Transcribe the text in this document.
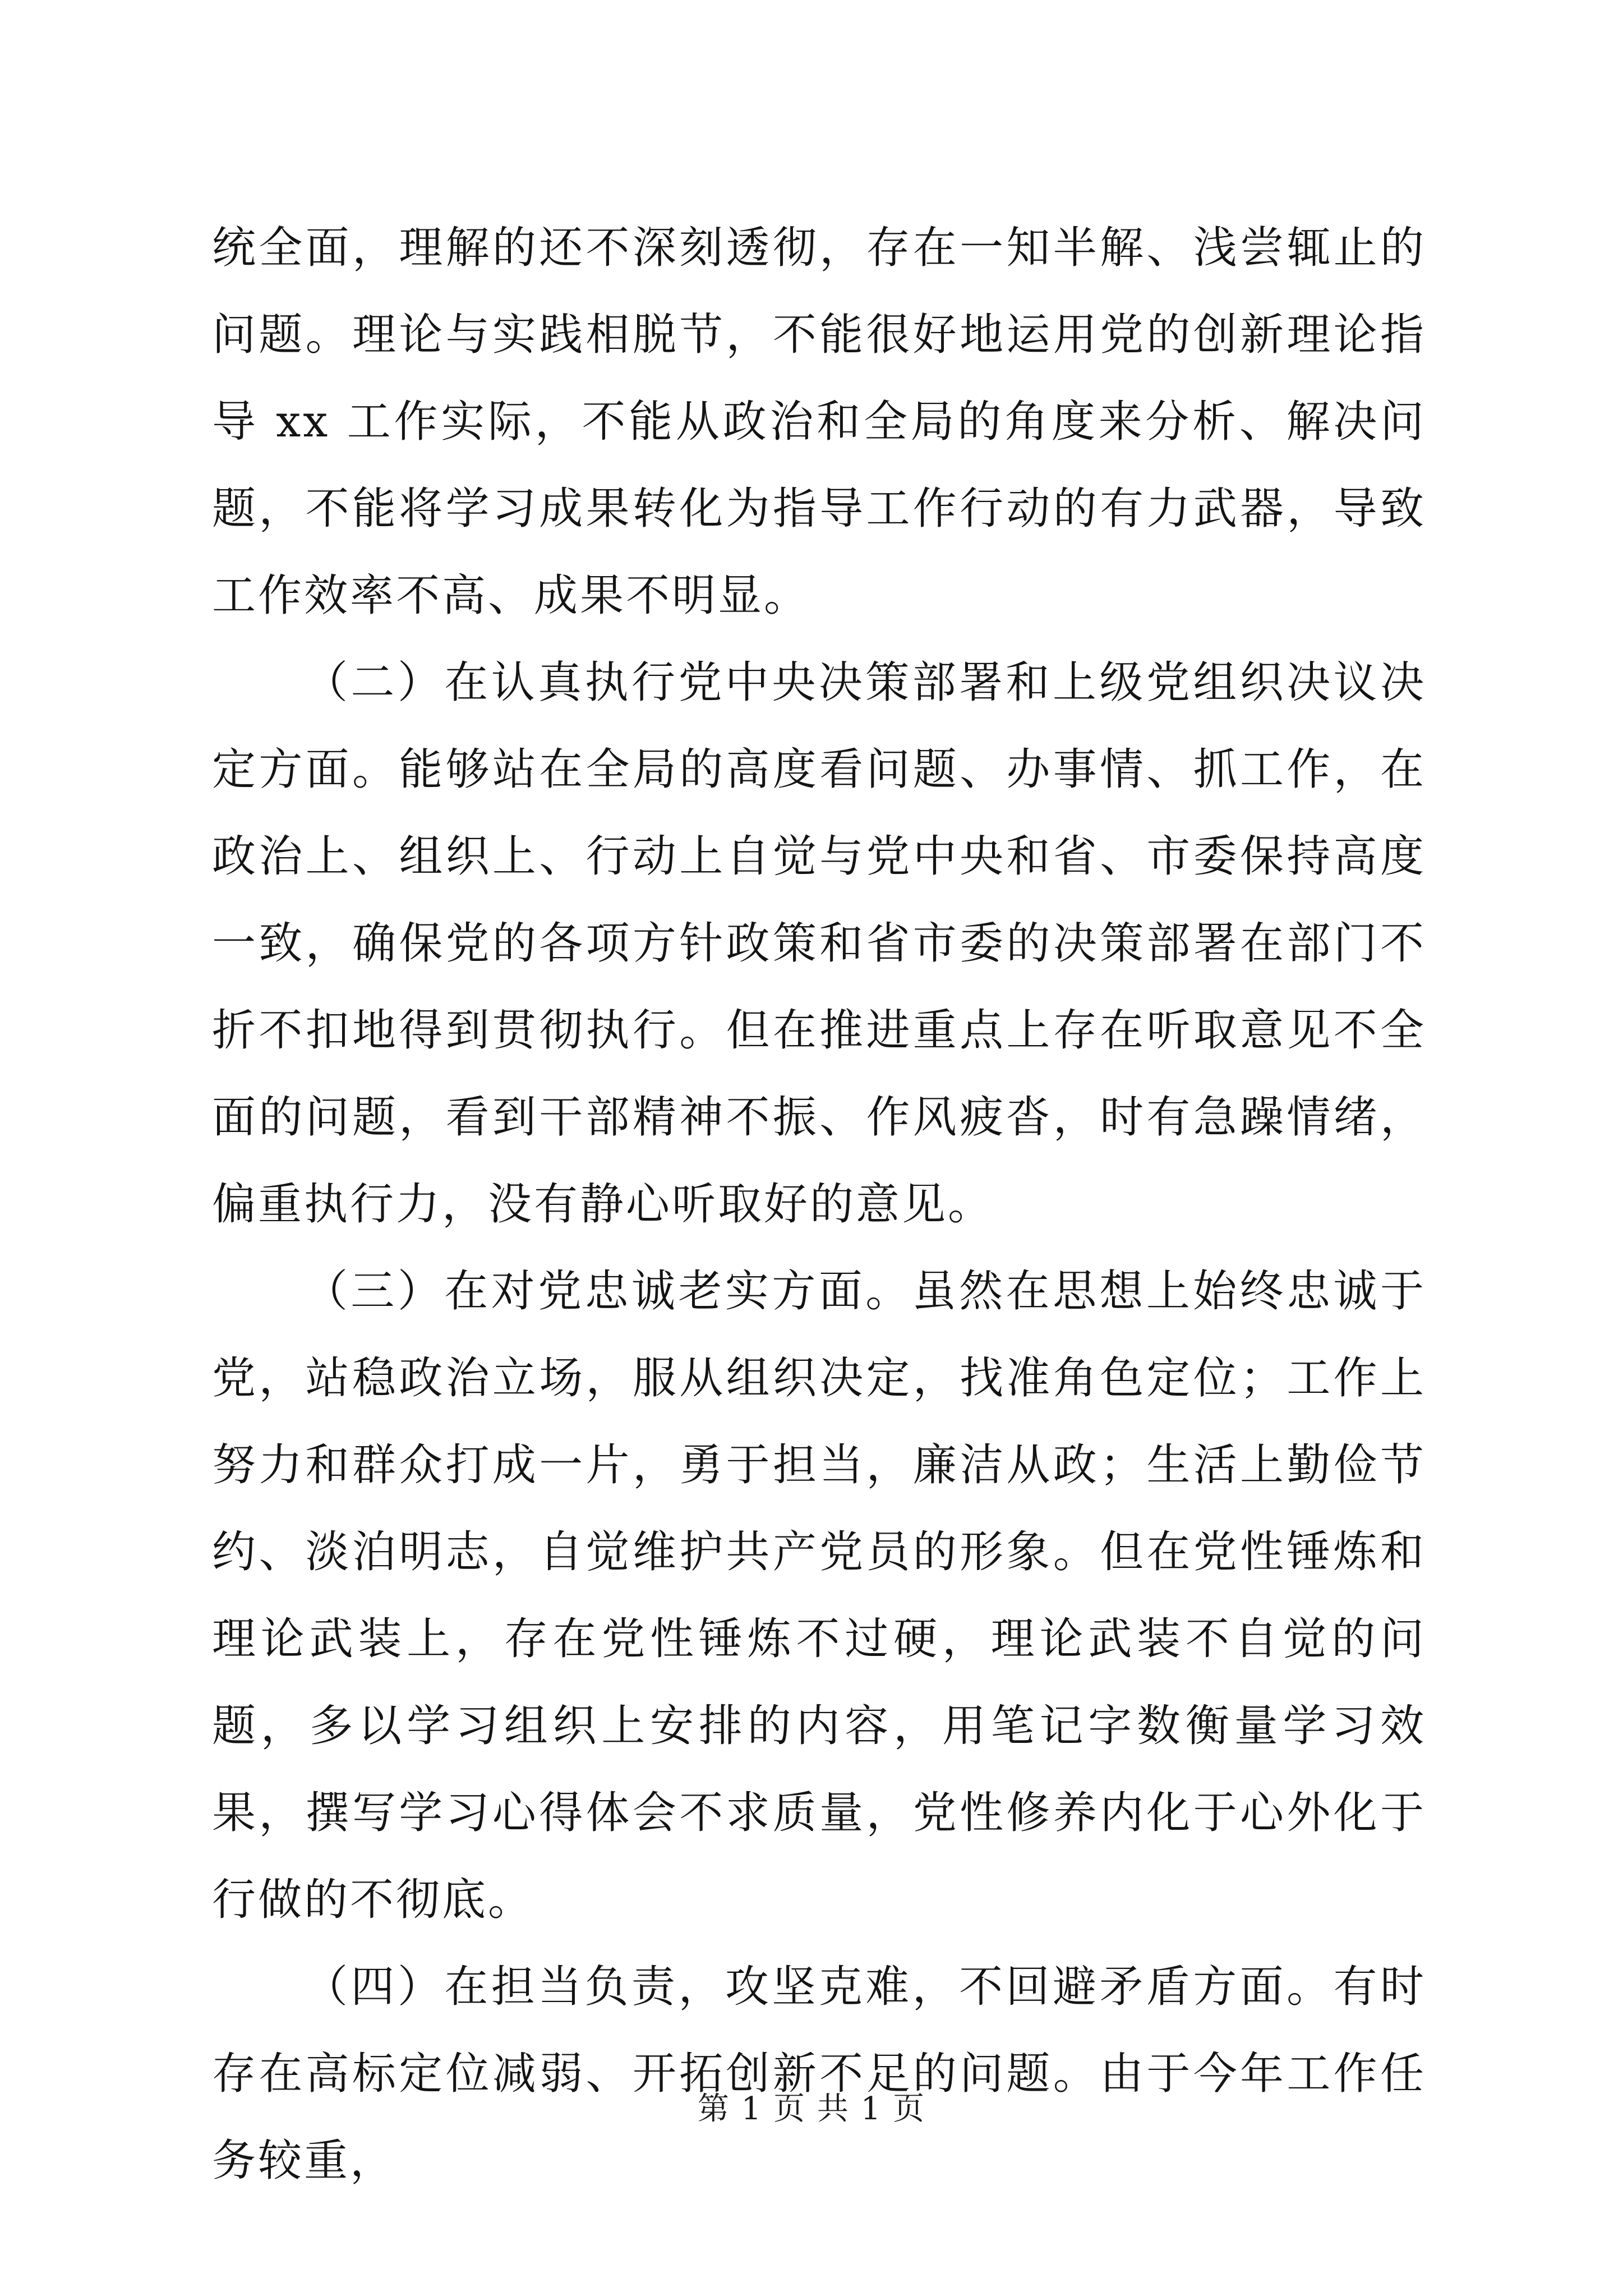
统全面，理解的还不深刻透彻，存在一知半解、浅尝辄止的问题。理论与实践相脱节，不能很好地运用党的创新理论指导 xx 工作实际，不能从政治和全局的角度来分析、解决问题，不能将学习成果转化为指导工作行动的有力武器，导致工作效率不高、成果不明显。

（二）在认真执行党中央决策部署和上级党组织决议决定方面。能够站在全局的高度看问题、办事情、抓工作，在政治上、组织上、行动上自觉与党中央和省、市委保持高度一致，确保党的各项方针政策和省市委的决策部署在部门不折不扣地得到贯彻执行。但在推进重点上存在听取意见不全面的问题，看到干部精神不振、作风疲沓，时有急躁情绪，偏重执行力，没有静心听取好的意见。

（三）在对党忠诚老实方面。虽然在思想上始终忠诚于党，站稳政治立场，服从组织决定，找准角色定位；工作上努力和群众打成一片，勇于担当，廉洁从政；生活上勤俭节约、淡泊明志，自觉维护共产党员的形象。但在党性锤炼和理论武装上，存在党性锤炼不过硬，理论武装不自觉的问题，多以学习组织上安排的内容，用笔记字数衡量学习效果，撰写学习心得体会不求质量，党性修养内化于心外化于行做的不彻底。

（四）在担当负责，攻坚克难，不回避矛盾方面。有时存在高标定位减弱、开拓创新不足的问题。由于今年工作任务较重，

第 1 页 共 1 页
